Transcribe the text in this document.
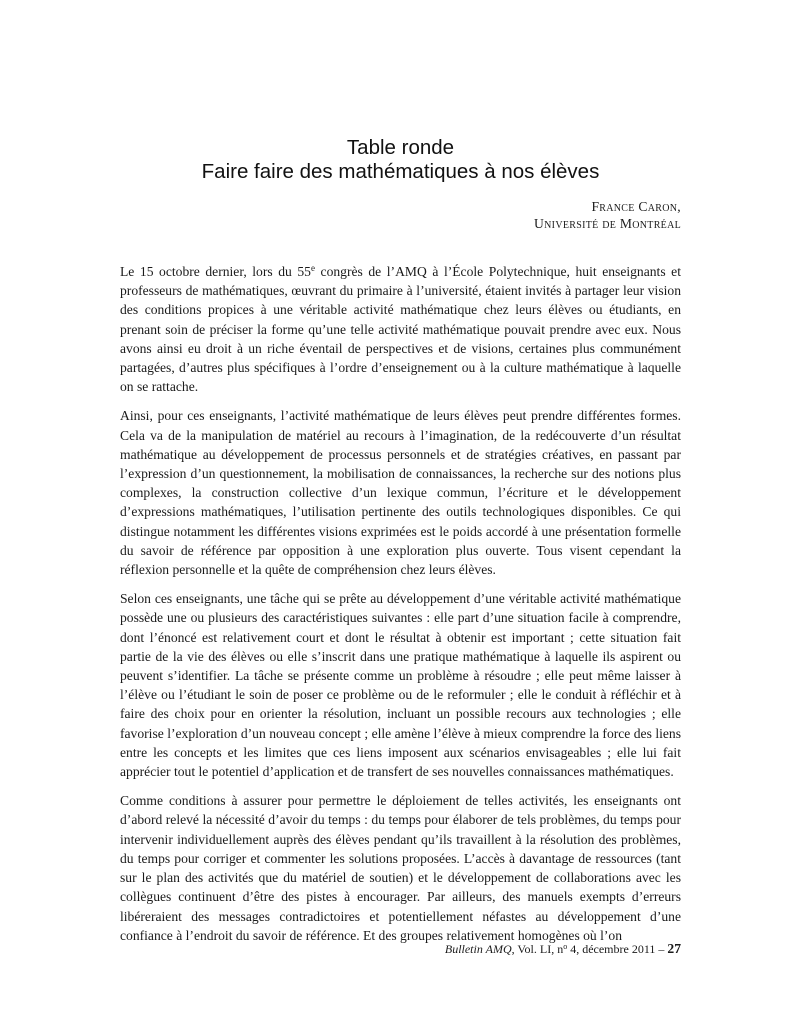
Table ronde
Faire faire des mathématiques à nos élèves
France Caron,
Université de Montréal

Le 15 octobre dernier, lors du 55e congrès de l’AMQ à l’École Polytechnique, huit enseignants et professeurs de mathématiques, œuvrant du primaire à l’université, étaient invités à partager leur vision des conditions propices à une véritable activité mathématique chez leurs élèves ou étudiants, en prenant soin de préciser la forme qu’une telle activité mathématique pouvait prendre avec eux. Nous avons ainsi eu droit à un riche éventail de perspectives et de visions, certaines plus communément partagées, d’autres plus spécifiques à l’ordre d’enseignement ou à la culture mathématique à laquelle on se rattache.

Ainsi, pour ces enseignants, l’activité mathématique de leurs élèves peut prendre différentes formes. Cela va de la manipulation de matériel au recours à l’imagination, de la redécouverte d’un résultat mathématique au développement de processus personnels et de stratégies créatives, en passant par l’expression d’un questionnement, la mobilisation de connaissances, la recherche sur des notions plus complexes, la construction collective d’un lexique commun, l’écriture et le développement d’expressions mathématiques, l’utilisation pertinente des outils technologiques disponibles. Ce qui distingue notamment les différentes visions exprimées est le poids accordé à une présentation formelle du savoir de référence par opposition à une exploration plus ouverte. Tous visent cependant la réflexion personnelle et la quête de compréhension chez leurs élèves.

Selon ces enseignants, une tâche qui se prête au développement d’une véritable activité mathématique possède une ou plusieurs des caractéristiques suivantes : elle part d’une situation facile à comprendre, dont l’énoncé est relativement court et dont le résultat à obtenir est important ; cette situation fait partie de la vie des élèves ou elle s’inscrit dans une pratique mathématique à laquelle ils aspirent ou peuvent s’identifier. La tâche se présente comme un problème à résoudre ; elle peut même laisser à l’élève ou l’étudiant le soin de poser ce problème ou de le reformuler ; elle le conduit à réfléchir et à faire des choix pour en orienter la résolution, incluant un possible recours aux technologies ; elle favorise l’exploration d’un nouveau concept ; elle amène l’élève à mieux comprendre la force des liens entre les concepts et les limites que ces liens imposent aux scénarios envisageables ; elle lui fait apprécier tout le potentiel d’application et de transfert de ses nouvelles connaissances mathématiques.

Comme conditions à assurer pour permettre le déploiement de telles activités, les enseignants ont d’abord relevé la nécessité d’avoir du temps : du temps pour élaborer de tels problèmes, du temps pour intervenir individuellement auprès des élèves pendant qu’ils travaillent à la résolution des problèmes, du temps pour corriger et commenter les solutions proposées. L’accès à davantage de ressources (tant sur le plan des activités que du matériel de soutien) et le développement de collaborations avec les collègues continuent d’être des pistes à encourager. Par ailleurs, des manuels exempts d’erreurs libéreraient des messages contradictoires et potentiellement néfastes au développement d’une confiance à l’endroit du savoir de référence. Et des groupes relativement homogènes où l’on

Bulletin AMQ, Vol. LI, $n^o$ 4, décembre 2011 – 27
